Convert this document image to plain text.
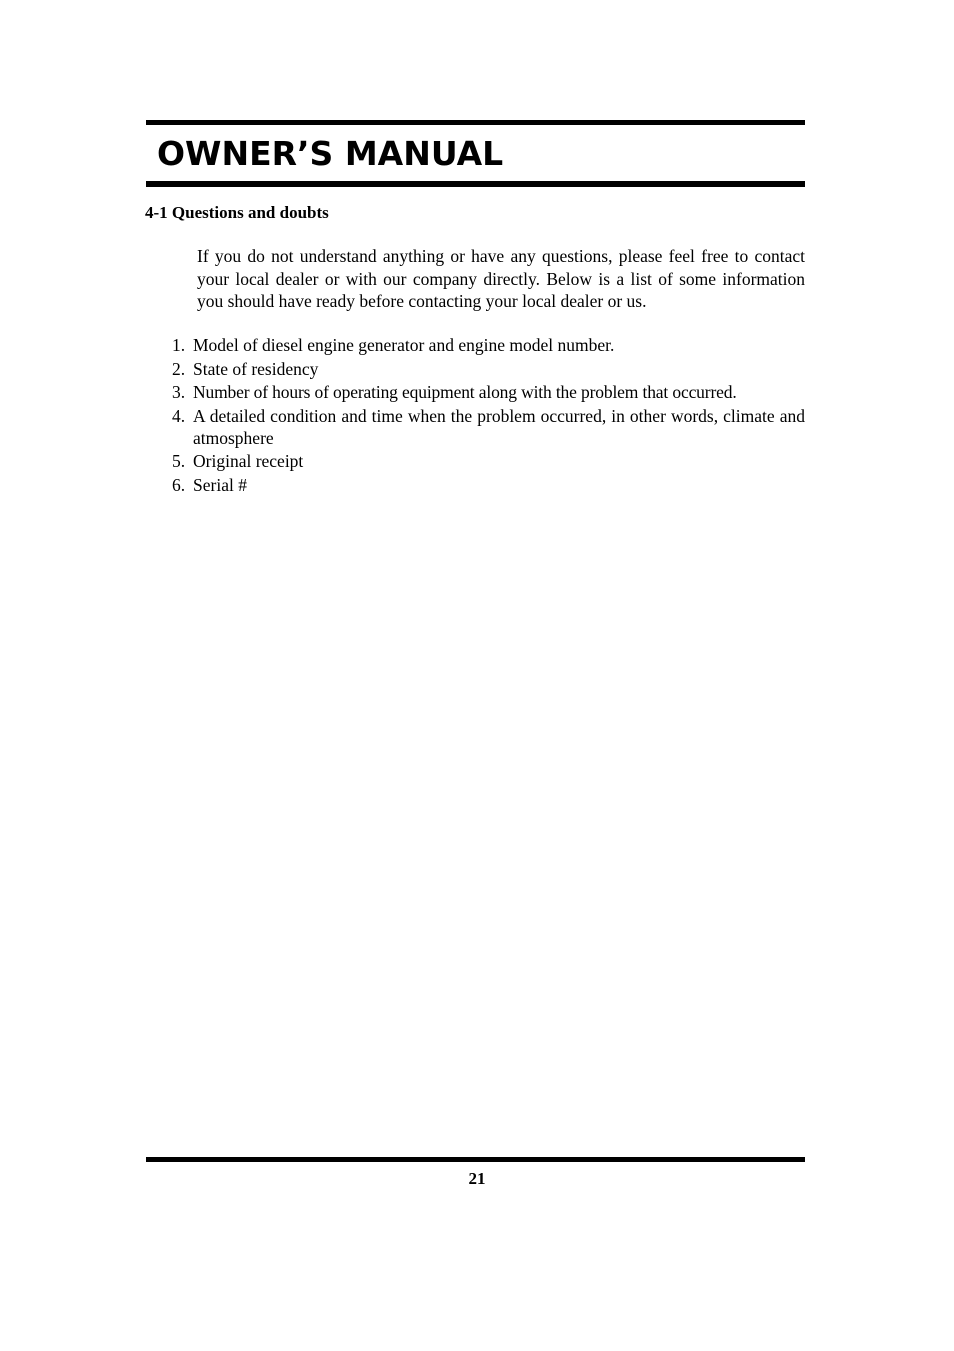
OWNER’S MANUAL
4-1 Questions and doubts

If you do not understand anything or have any questions, please feel free to contact your local dealer or with our company directly. Below is a list of some information you should have ready before contacting your local dealer or us.

1. Model of diesel engine generator and engine model number.
2. State of residency
3. Number of hours of operating equipment along with the problem that occurred.
4. A detailed condition and time when the problem occurred, in other words, climate and atmosphere
5. Original receipt
6. Serial #

21
